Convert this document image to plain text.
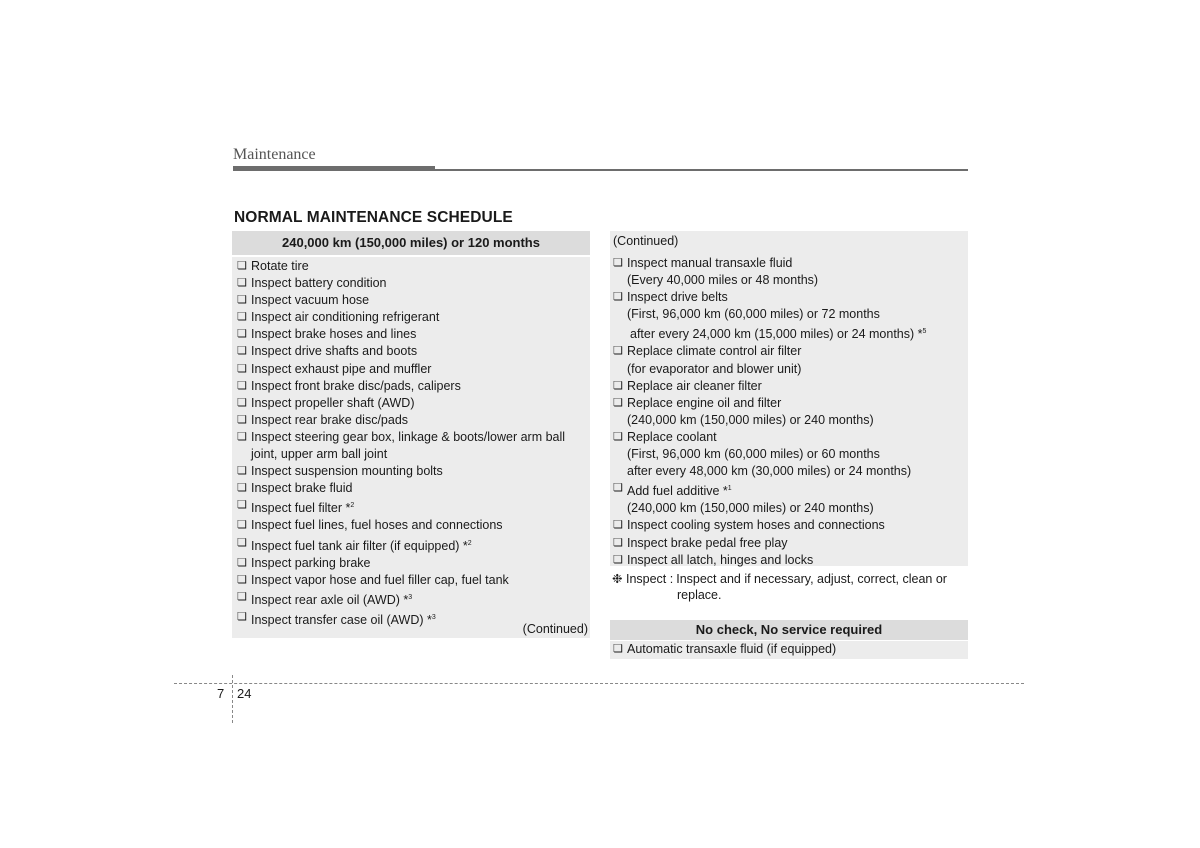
Maintenance
NORMAL MAINTENANCE SCHEDULE
240,000 km (150,000 miles) or 120 months
❏ Rotate tire
❏ Inspect battery condition
❏ Inspect vacuum hose
❏ Inspect air conditioning refrigerant
❏ Inspect brake hoses and lines
❏ Inspect drive shafts and boots
❏ Inspect exhaust pipe and muffler
❏ Inspect front brake disc/pads, calipers
❏ Inspect propeller shaft (AWD)
❏ Inspect rear brake disc/pads
❏ Inspect steering gear box, linkage & boots/lower arm ball
joint, upper arm ball joint
❏ Inspect suspension mounting bolts
❏ Inspect brake fluid
❏ Inspect fuel filter *$^2$
❏ Inspect fuel lines, fuel hoses and connections
❏ Inspect fuel tank air filter (if equipped) *$^2$
❏ Inspect parking brake
❏ Inspect vapor hose and fuel filler cap, fuel tank
❏ Inspect rear axle oil (AWD) *$^3$
❏ Inspect transfer case oil (AWD) *$^3$
(Continued)
(Continued)
❏ Inspect manual transaxle fluid
(Every 40,000 miles or 48 months)
❏ Inspect drive belts
(First, 96,000 km (60,000 miles) or 72 months
after every 24,000 km (15,000 miles) or 24 months) *$^5$
❏ Replace climate control air filter
(for evaporator and blower unit)
❏ Replace air cleaner filter
❏ Replace engine oil and filter
(240,000 km (150,000 miles) or 240 months)
❏ Replace coolant
(First, 96,000 km (60,000 miles) or 60 months
after every 48,000 km (30,000 miles) or 24 months)
❏ Add fuel additive *$^1$
(240,000 km (150,000 miles) or 240 months)
❏ Inspect cooling system hoses and connections
❏ Inspect brake pedal free play
❏ Inspect all latch, hinges and locks
❉ Inspect : Inspect and if necessary, adjust, correct, clean or
replace.
No check, No service required
❏ Automatic transaxle fluid (if equipped)
7 24
